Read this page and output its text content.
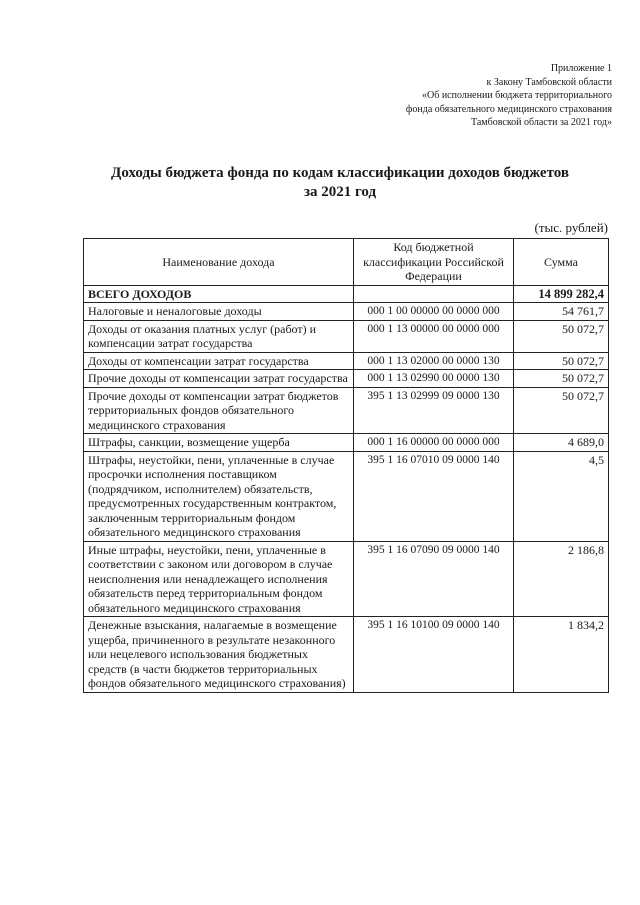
Приложение 1
к Закону Тамбовской области
«Об исполнении бюджета территориального
фонда обязательного медицинского страхования
Тамбовской области за 2021 год»
Доходы бюджета фонда по кодам классификации доходов бюджетов
за 2021 год
(тыс. рублей)
Наименование дохода	Код бюджетной классификации Российской Федерации	Сумма
ВСЕГО ДОХОДОВ		14 899 282,4
Налоговые и неналоговые доходы	000 1 00 00000 00 0000 000	54 761,7
Доходы от оказания платных услуг (работ) и компенсации затрат государства	000 1 13 00000 00 0000 000	50 072,7
Доходы от компенсации затрат государства	000 1 13 02000 00 0000 130	50 072,7
Прочие доходы от компенсации затрат государства	000 1 13 02990 00 0000 130	50 072,7
Прочие доходы от компенсации затрат бюджетов территориальных фондов обязательного медицинского страхования	395 1 13 02999 09 0000 130	50 072,7
Штрафы, санкции, возмещение ущерба	000 1 16 00000 00 0000 000	4 689,0
Штрафы, неустойки, пени, уплаченные в случае просрочки исполнения поставщиком (подрядчиком, исполнителем) обязательств, предусмотренных государственным контрактом, заключенным территориальным фондом обязательного медицинского страхования	395 1 16 07010 09 0000 140	4,5
Иные штрафы, неустойки, пени, уплаченные в соответствии с законом или договором в случае неисполнения или ненадлежащего исполнения обязательств перед территориальным фондом обязательного медицинского страхования	395 1 16 07090 09 0000 140	2 186,8
Денежные взыскания, налагаемые в возмещение ущерба, причиненного в результате незаконного или нецелевого использования бюджетных средств (в части бюджетов территориальных фондов обязательного медицинского страхования)	395 1 16 10100 09 0000 140	1 834,2
